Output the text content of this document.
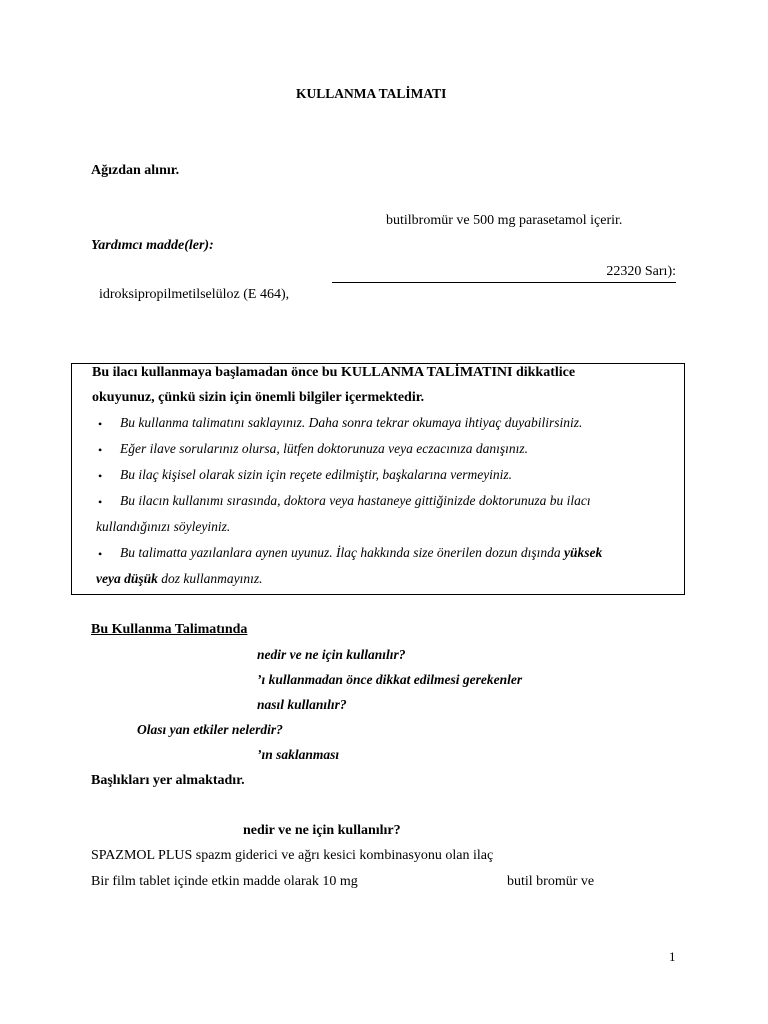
KULLANMA TALİMATI
Ağızdan alınır.
butilbromür ve 500 mg parasetamol içerir.
Yardımcı madde(ler):
22320 Sarı):
idroksipropilmetilselüloz (E 464),
Bu ilacı kullanmaya başlamadan önce bu KULLANMA TALİMATINI dikkatlice
okuyunuz, çünkü sizin için önemli bilgiler içermektedir.
• Bu kullanma talimatını saklayınız. Daha sonra tekrar okumaya ihtiyaç duyabilirsiniz.
• Eğer ilave sorularınız olursa, lütfen doktorunuza veya eczacınıza danışınız.
• Bu ilaç kişisel olarak sizin için reçete edilmiştir, başkalarına vermeyiniz.
• Bu ilacın kullanımı sırasında, doktora veya hastaneye gittiğinizde doktorunuza bu ilacı
kullandığınızı söyleyiniz.
• Bu talimatta yazılanlara aynen uyunuz. İlaç hakkında size önerilen dozun dışında yüksek
veya düşük doz kullanmayınız.
Bu Kullanma Talimatında
nedir ve ne için kullanılır?
’ı kullanmadan önce dikkat edilmesi gerekenler
nasıl kullanılır?
Olası yan etkiler nelerdir?
’ın saklanması
Başlıkları yer almaktadır.
nedir ve ne için kullanılır?
SPAZMOL PLUS spazm giderici ve ağrı kesici kombinasyonu olan ilaç
Bir film tablet içinde etkin madde olarak 10 mg	butil bromür ve
1
